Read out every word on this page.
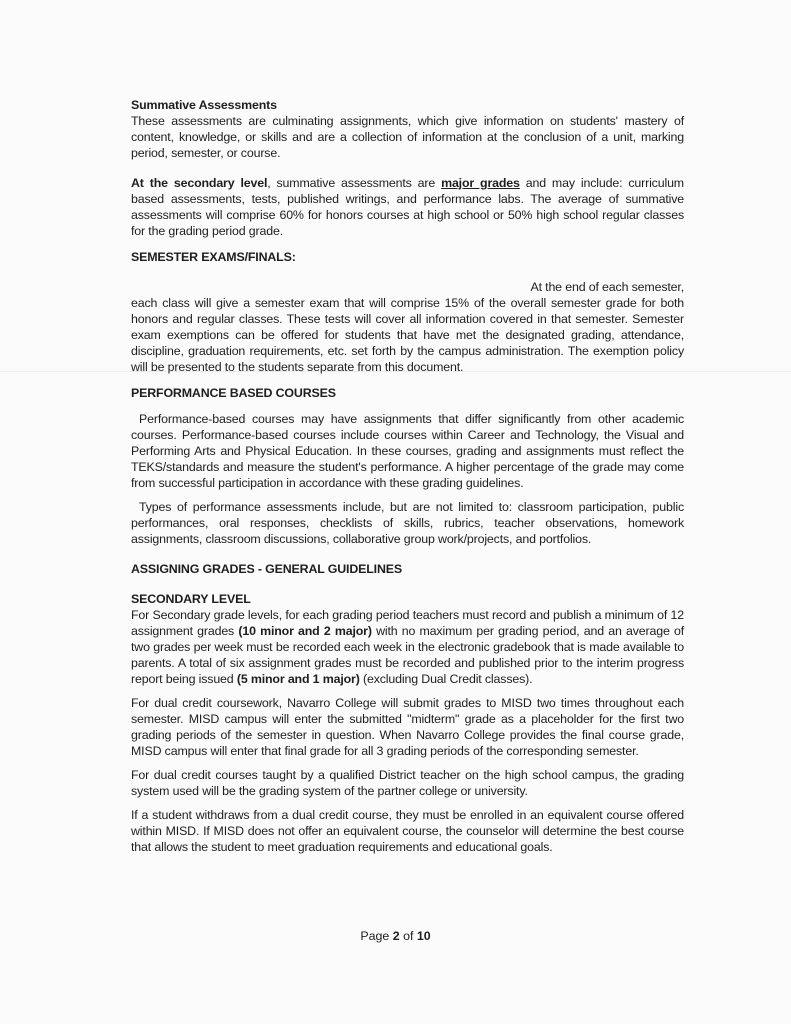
Summative Assessments

These assessments are culminating assignments, which give information on students' mastery of content, knowledge, or skills and are a collection of information at the conclusion of a unit, marking period, semester, or course.

At the secondary level, summative assessments are major grades and may include: curriculum based assessments, tests, published writings, and performance labs. The average of summative assessments will comprise 60% for honors courses at high school or 50% high school regular classes for the grading period grade.

SEMESTER EXAMS/FINALS:

At the end of each semester,

each class will give a semester exam that will comprise 15% of the overall semester grade for both honors and regular classes. These tests will cover all information covered in that semester. Semester exam exemptions can be offered for students that have met the designated grading, attendance, discipline, graduation requirements, etc. set forth by the campus administration. The exemption policy will be presented to the students separate from this document.

PERFORMANCE BASED COURSES

Performance-based courses may have assignments that differ significantly from other academic courses. Performance-based courses include courses within Career and Technology, the Visual and Performing Arts and Physical Education. In these courses, grading and assignments must reflect the TEKS/standards and measure the student's performance. A higher percentage of the grade may come from successful participation in accordance with these grading guidelines.

Types of performance assessments include, but are not limited to: classroom participation, public performances, oral responses, checklists of skills, rubrics, teacher observations, homework assignments, classroom discussions, collaborative group work/projects, and portfolios.

ASSIGNING GRADES - GENERAL GUIDELINES
SECONDARY LEVEL

For Secondary grade levels, for each grading period teachers must record and publish a minimum of 12 assignment grades (10 minor and 2 major) with no maximum per grading period, and an average of two grades per week must be recorded each week in the electronic gradebook that is made available to parents. A total of six assignment grades must be recorded and published prior to the interim progress report being issued (5 minor and 1 major) (excluding Dual Credit classes).

For dual credit coursework, Navarro College will submit grades to MISD two times throughout each semester. MISD campus will enter the submitted "midterm" grade as a placeholder for the first two grading periods of the semester in question. When Navarro College provides the final course grade, MISD campus will enter that final grade for all 3 grading periods of the corresponding semester.

For dual credit courses taught by a qualified District teacher on the high school campus, the grading system used will be the grading system of the partner college or university.

If a student withdraws from a dual credit course, they must be enrolled in an equivalent course offered within MISD. If MISD does not offer an equivalent course, the counselor will determine the best course that allows the student to meet graduation requirements and educational goals.

Page 2 of 10
